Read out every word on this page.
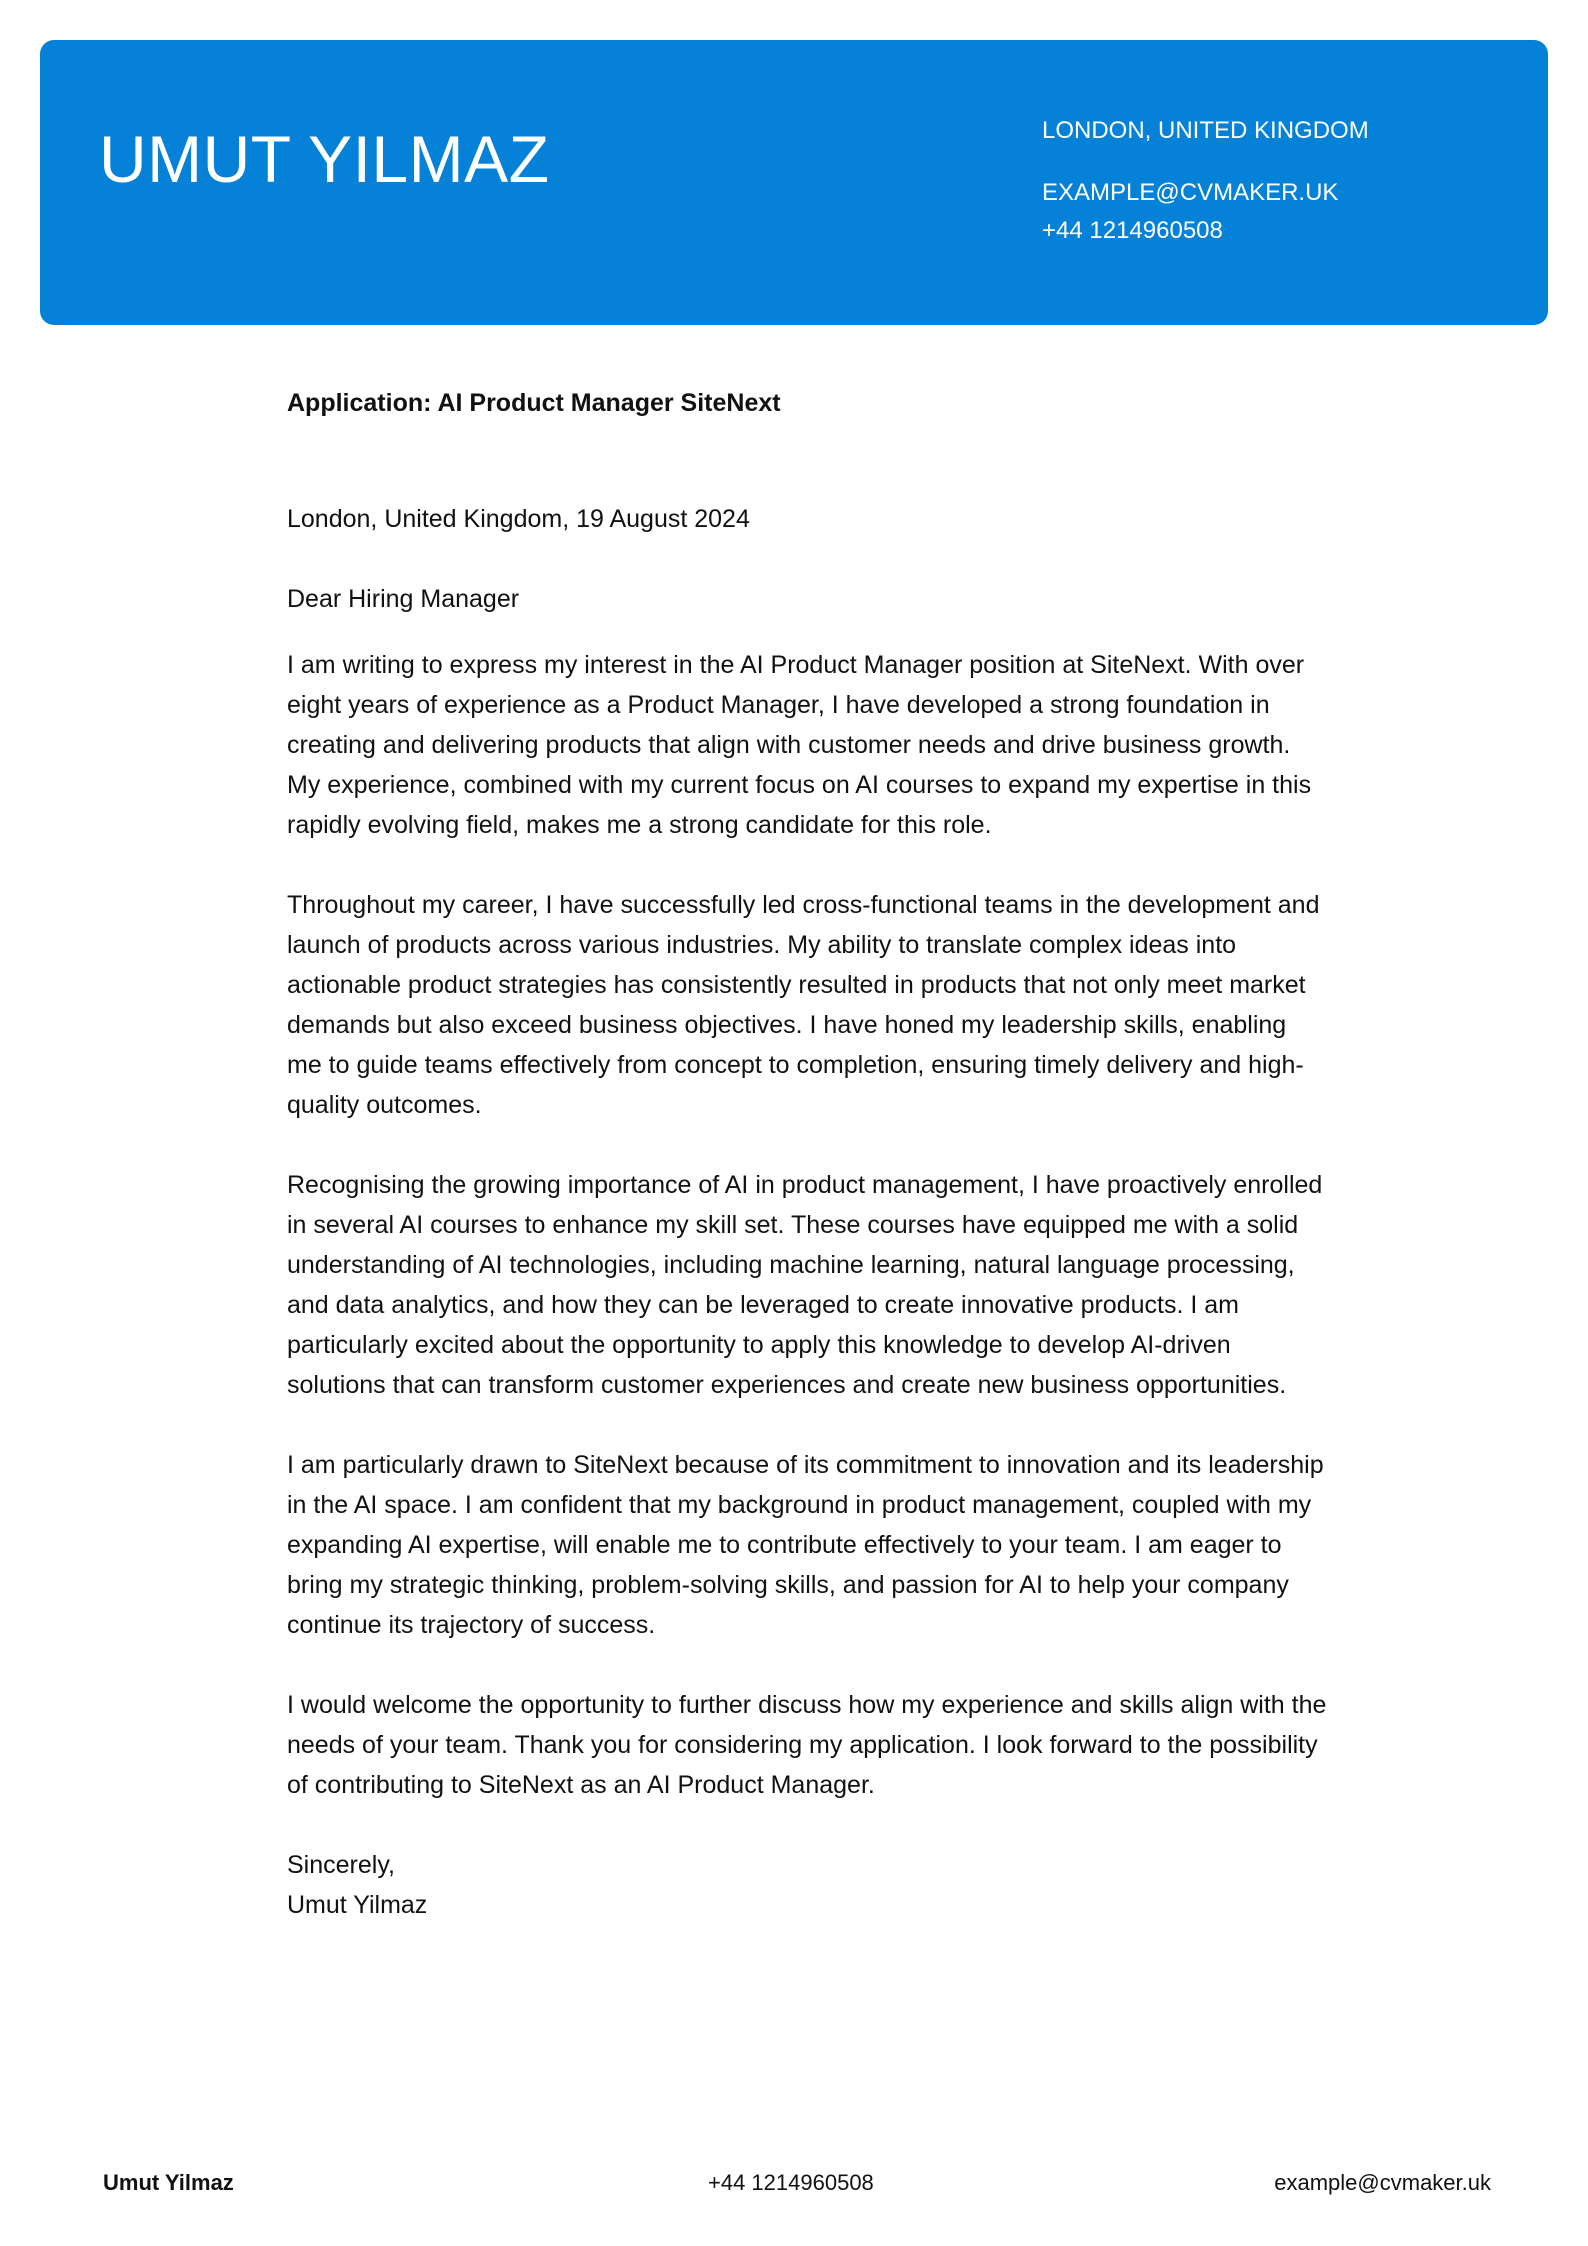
UMUT YILMAZ	LONDON, UNITED KINGDOM
EXAMPLE@CVMAKER.UK
+44 1214960508

Application: AI Product Manager SiteNext

London, United Kingdom, 19 August 2024

Dear Hiring Manager

I am writing to express my interest in the AI Product Manager position at SiteNext. With over eight years of experience as a Product Manager, I have developed a strong foundation in creating and delivering products that align with customer needs and drive business growth. My experience, combined with my current focus on AI courses to expand my expertise in this rapidly evolving field, makes me a strong candidate for this role.

Throughout my career, I have successfully led cross-functional teams in the development and launch of products across various industries. My ability to translate complex ideas into actionable product strategies has consistently resulted in products that not only meet market demands but also exceed business objectives. I have honed my leadership skills, enabling me to guide teams effectively from concept to completion, ensuring timely delivery and high-quality outcomes.

Recognising the growing importance of AI in product management, I have proactively enrolled in several AI courses to enhance my skill set. These courses have equipped me with a solid understanding of AI technologies, including machine learning, natural language processing, and data analytics, and how they can be leveraged to create innovative products. I am particularly excited about the opportunity to apply this knowledge to develop AI-driven solutions that can transform customer experiences and create new business opportunities.

I am particularly drawn to SiteNext because of its commitment to innovation and its leadership in the AI space. I am confident that my background in product management, coupled with my expanding AI expertise, will enable me to contribute effectively to your team. I am eager to bring my strategic thinking, problem-solving skills, and passion for AI to help your company continue its trajectory of success.

I would welcome the opportunity to further discuss how my experience and skills align with the needs of your team. Thank you for considering my application. I look forward to the possibility of contributing to SiteNext as an AI Product Manager.

Sincerely,

Umut Yilmaz

Umut Yilmaz	+44 1214960508	example@cvmaker.uk
